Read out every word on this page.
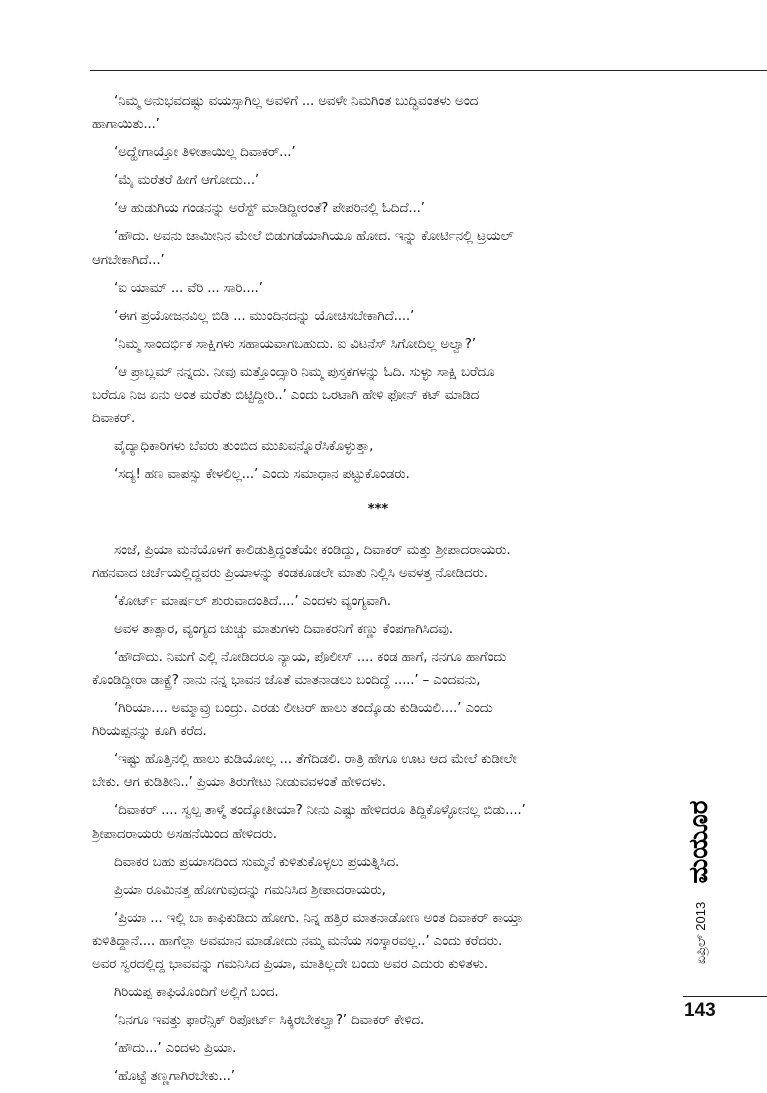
‘ನಿಮ್ಮ ಅನುಭವದಷ್ಟು ವಯಸ್ಸಾಗಿಲ್ಲ ಅವಳಿಗೆ ... ಅವಳೇ ನಿಮಗಿಂತ ಬುದ್ಧಿವಂತಳು ಅಂದ
ಹಾಗಾಯಿತು...’

‘ಅದ್ಹೇಗಾಯ್ತೋ ತಿಳೀತಾಯಿಲ್ಲ ದಿವಾಕರ್...’

‘ಮೈ ಮರೆತರೆ ಹೀಗೆ ಆಗೋದು...’

‘ಆ ಹುಡುಗಿಯ ಗಂಡನನ್ನು ಅರೆಸ್ಟ್ ಮಾಡಿದ್ದೀರಂತೆ? ಪೇಪರಿನಲ್ಲಿ ಓದಿದೆ...’

‘ಹೌದು. ಅವನು ಜಾಮೀನಿನ ಮೇಲೆ ಬಿಡುಗಡೆಯಾಗಿಯೂ ಹೋದ. ಇನ್ನು ಕೋರ್ಟಿನಲ್ಲಿ ಟ್ರಯಲ್
ಆಗಬೇಕಾಗಿದೆ...’

‘ಐ ಯಾಮ್ ... ವೆರಿ ... ಸಾರಿ....’

‘ಈಗ ಪ್ರಯೋಜನವಿಲ್ಲ ಬಿಡಿ ... ಮುಂದಿನದನ್ನು ಯೋಚಿಸಬೇಕಾಗಿದೆ....’

‘ನಿಮ್ಮ ಸಾಂದರ್ಭಿಕ ಸಾಕ್ಷಿಗಳು ಸಹಾಯವಾಗಬಹುದು. ಐ ವಿಟನೆಸ್ ಸಿಗೋದಿಲ್ಲ ಅಲ್ವಾ?’

‘ಆ ಪ್ರಾಬ್ಲಮ್ ನನ್ನದು. ನೀವು ಮತ್ತೊಂದ್ಸಾರಿ ನಿಮ್ಮ ಪುಸ್ತಕಗಳನ್ನು ಓದಿ. ಸುಳ್ಳು ಸಾಕ್ಷಿ ಬರೆದೂ
ಬರೆದೂ ನಿಜ ಏನು ಅಂತ ಮರೆತು ಬಿಟ್ಟಿದ್ದೀರಿ..’ ಎಂದು ಒರಟಾಗಿ ಹೇಳಿ ಫೋನ್ ಕಟ್ ಮಾಡಿದ
ದಿವಾಕರ್.

ವೈದ್ಯಾಧಿಕಾರಿಗಳು ಬೆವರು ತುಂಬಿದ ಮುಖವನ್ನೊರೆಸಿಕೊಳ್ಳುತ್ತಾ,

‘ಸದ್ಯ! ಹಣ ವಾಪಸ್ಸು ಕೇಳಲಿಲ್ಲ...’ ಎಂದು ಸಮಾಧಾನ ಪಟ್ಟುಕೊಂಡರು.

***

ಸಂಜೆ, ಪ್ರಿಯಾ ಮನೆಯೊಳಗೆ ಕಾಲಿಡುತ್ತಿದ್ದಂತೆಯೇ ಕಂಡಿದ್ದು, ದಿವಾಕರ್ ಮತ್ತು ಶ್ರೀಪಾದರಾಯರು.
ಗಹನವಾದ ಚರ್ಚೆಯಲ್ಲಿದ್ದವರು ಪ್ರಿಯಾಳನ್ನು ಕಂಡಕೂಡಲೇ ಮಾತು ನಿಲ್ಲಿಸಿ ಅವಳತ್ತ ನೋಡಿದರು.

‘ಕೋರ್ಟ್ ಮಾರ್ಷಲ್ ಶುರುವಾದಂತಿದೆ....’ ಎಂದಳು ವ್ಯಂಗ್ಯವಾಗಿ.

ಅವಳ ತಾತ್ಸಾರ, ವ್ಯಂಗ್ಯದ ಚುಚ್ಚು ಮಾತುಗಳು ದಿವಾಕರನಿಗೆ ಕಣ್ಣು ಕೆಂಪಗಾಗಿಸಿದವು.

‘ಹೌದೌದು. ನಿಮಗೆ ಎಲ್ಲಿ ನೋಡಿದರೂ ನ್ಯಾಯ, ಪೊಲೀಸ್ .... ಕಂಡ ಹಾಗೆ, ನನಗೂ ಹಾಗೆಂದು
ಕೊಂಡಿದ್ದೀರಾ ಡಾಕ್ಟ್ರೆ? ನಾನು ನನ್ನ ಭಾವನ ಜೊತೆ ಮಾತನಾಡಲು ಬಂದಿದ್ದೆ .....’ – ಎಂದವನು,

‘ಗಿರಿಯಾ.... ಅಮ್ಮಾವ್ರು ಬಂದ್ರು. ಎರಡು ಲೀಟರ್ ಹಾಲು ತಂದ್ಕೊಡು ಕುಡಿಯಲಿ....’ ಎಂದು
ಗಿರಿಯಪ್ಪನನ್ನು ಕೂಗಿ ಕರೆದ.

‘ಇಷ್ಟು ಹೊತ್ತಿನಲ್ಲಿ ಹಾಲು ಕುಡಿಯೋಲ್ಲ ... ತೆಗೆದಿಡಲಿ. ರಾತ್ರಿ ಹೇಗೂ ಊಟ ಆದ ಮೇಲೆ ಕುಡೀಲೇ
ಬೇಕು. ಆಗ ಕುಡಿತೀನಿ..’ ಪ್ರಿಯಾ ತಿರುಗೇಟು ನೀಡುವವಳಂತೆ ಹೇಳಿದಳು.

‘ದಿವಾಕರ್ .... ಸ್ವಲ್ಪ ತಾಳ್ಮೆ ತಂದ್ಕೋತೀಯಾ? ನೀನು ಎಷ್ಟು ಹೇಳಿದರೂ ತಿದ್ದಿಕೊಳ್ಳೋನಲ್ಲ ಬಿಡು....’
ಶ್ರೀಪಾದರಾಯರು ಅಸಹನೆಯಿಂದ ಹೇಳಿದರು.

ದಿವಾಕರ ಬಹು ಪ್ರಯಾಸದಿಂದ ಸುಮ್ಮನೆ ಕುಳಿತುಕೊಳ್ಳಲು ಪ್ರಯತ್ನಿಸಿದ.

ಪ್ರಿಯಾ ರೂಮಿನತ್ತ ಹೋಗುವುದನ್ನು ಗಮನಿಸಿದ ಶ್ರೀಪಾದರಾಯರು,

‘ಪ್ರಿಯಾ ... ಇಲ್ಲಿ ಬಾ ಕಾಫಿಕುಡಿದು ಹೋಗು. ನಿನ್ನ ಹತ್ತಿರ ಮಾತನಾಡೋಣ ಅಂತ ದಿವಾಕರ್ ಕಾಯ್ತಾ
ಕುಳಿತಿದ್ದಾನೆ.... ಹಾಗೆಲ್ಲಾ ಅವಮಾನ ಮಾಡೋದು ನಮ್ಮ ಮನೆಯ ಸಂಸ್ಕಾರವಲ್ಲ..’ ಎಂದು ಕರೆದರು.
ಅವರ ಸ್ವರದಲ್ಲಿದ್ದ ಭಾವವನ್ನು ಗಮನಿಸಿದ ಪ್ರಿಯಾ, ಮಾತಿಲ್ಲದೇ ಬಂದು ಅವರ ಎದುರು ಕುಳಿತಳು.

ಗಿರಿಯಪ್ಪ ಕಾಫಿಯೊಂದಿಗೆ ಅಲ್ಲಿಗೆ ಬಂದ.

‘ನಿನಗೂ ಇವತ್ತು ಫಾರೆನ್ಸಿಕ್ ರಿಪೋರ್ಟ್ ಸಿಕ್ಕಿರಬೇಕಲ್ವಾ?’ ದಿವಾಕರ್ ಕೇಳಿದ.

‘ಹೌದು...’ ಎಂದಳು ಪ್ರಿಯಾ.

‘ಹೊಟ್ಟೆ ತಣ್ಣಗಾಗಿರಬೇಕು...’

ಮಯೂರ
ಏಪ್ರಿಲ್ 2013
143
